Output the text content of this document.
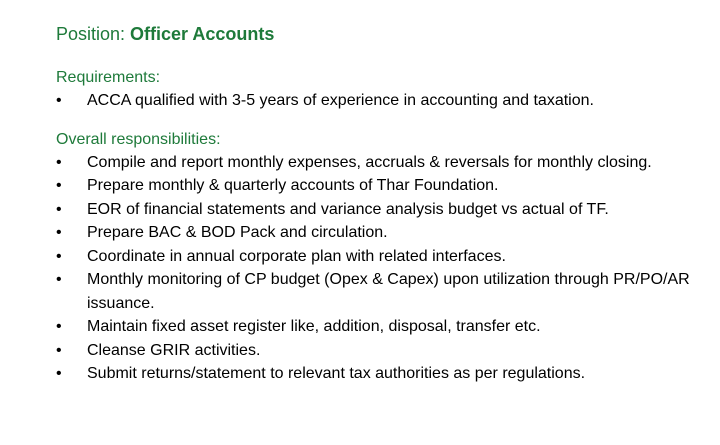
Position: Officer Accounts

Requirements:

•	ACCA qualified with 3-5 years of experience in accounting and taxation.

Overall responsibilities:

•	Compile and report monthly expenses, accruals & reversals for monthly closing.
•	Prepare monthly & quarterly accounts of Thar Foundation.
•	EOR of financial statements and variance analysis budget vs actual of TF.
•	Prepare BAC & BOD Pack and circulation.
•	Coordinate in annual corporate plan with related interfaces.
•	Monthly monitoring of CP budget (Opex & Capex) upon utilization through PR/PO/AR issuance.
•	Maintain fixed asset register like, addition, disposal, transfer etc.
•	Cleanse GRIR activities.
•	Submit returns/statement to relevant tax authorities as per regulations.
